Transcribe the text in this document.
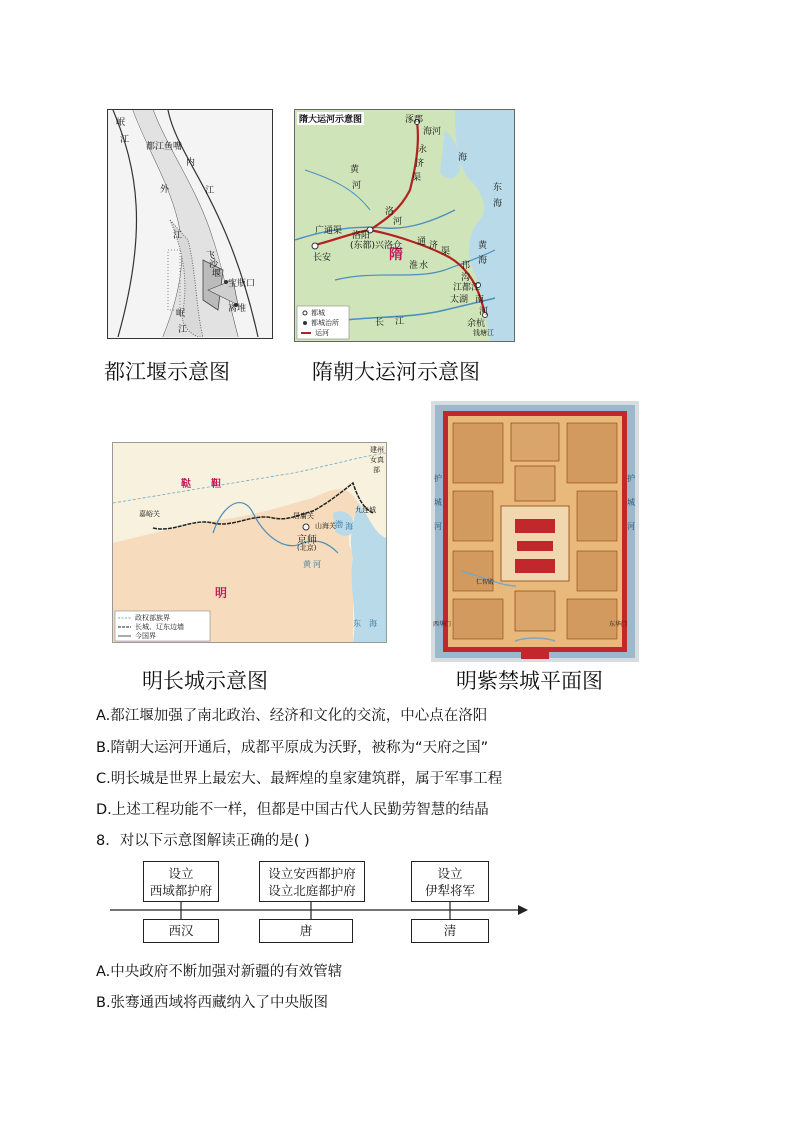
岷
江
都江鱼嘴
内
外	江
江
飞
沙
堰
宝瓶口
岷
江
离堆
都江堰示意图
隋大运河示意图	涿郡
海河
永
济
渠
黄
河
海
东
海
黄
海
广通渠 洛阳
(东都)
长安
洛
河
通 济
渠
隋
兴洛仓
淮 水	邗
沟
江都
长 江
江
南
河
太湖
余杭
钱塘江
都城
都城治所
运河
隋朝大运河示意图
鞑 靼
建州
女真
部
嘉峪关	居庸关
山海关
九连城
京师
(北京)
渤 海
黄 河
明
东 海
政权部族界
长城、辽东边墙
今国界
明长城示意图
护
城
河
护
城
河
仁智殿
东华门
西华门
明紫禁城平面图
A.都江堰加强了南北政治、经济和文化的交流，中心点在洛阳
B.隋朝大运河开通后，成都平原成为沃野，被称为“天府之国”
C.明长城是世界上最宏大、最辉煌的皇家建筑群，属于军事工程
D.上述工程功能不一样，但都是中国古代人民勤劳智慧的结晶
8．对以下示意图解读正确的是( )
设立
西域都护府
设立安西都护府
设立北庭都护府
设立
伊犁将军
西汉	唐	清
A.中央政府不断加强对新疆的有效管辖
B.张骞通西域将西藏纳入了中央版图
